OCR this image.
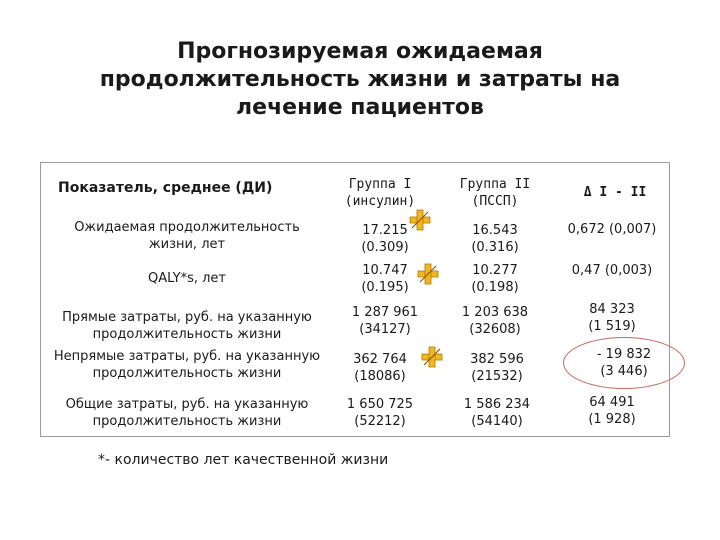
Прогнозируемая ожидаемая
продолжительность жизни и затраты на
лечение пациентов
Показатель, среднее (ДИ)	Группа I
(инсулин)
Группа II
(ПССП)
Δ I - II
Ожидаемая продолжительность
жизни, лет
17.215
(0.309)
16.543
(0.316)
0,672 (0,007)
QALY*s, лет
10.747
(0.195)
10.277
(0.198)
0,47 (0,003)
Прямые затраты, руб. на указанную
продолжительность жизни
1 287 961
(34127)
1 203 638
(32608)
84 323
(1 519)
Непрямые затраты, руб. на указанную
продолжительность жизни
362 764
(18086)
382 596
(21532)
- 19 832
(3 446)
Общие затраты, руб. на указанную
продолжительность жизни
1 650 725
(52212)
1 586 234
(54140)
64 491
(1 928)
*- количество лет качественной жизни
